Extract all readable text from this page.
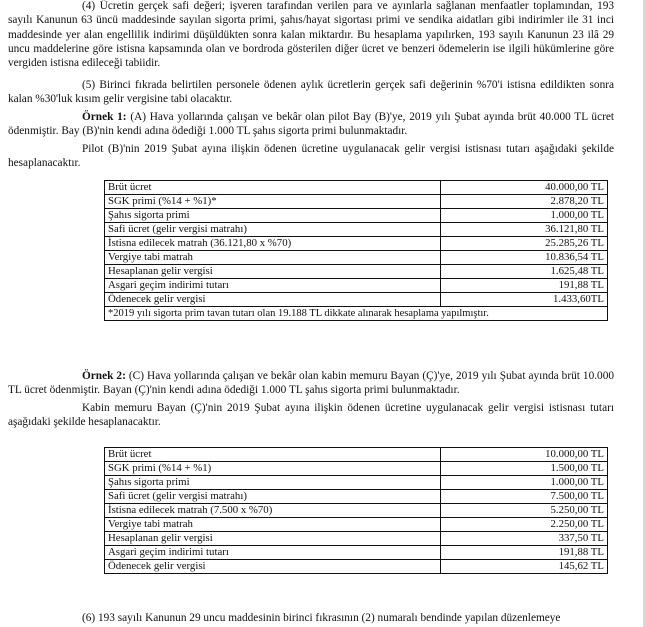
(4) Ücretin gerçek safi değeri; işveren tarafından verilen para ve ayınlarla sağlanan menfaatler toplamından, 193 sayılı Kanunun 63 üncü maddesinde sayılan sigorta primi, şahıs/hayat sigortası primi ve sendika aidatları gibi indirimler ile 31 inci maddesinde yer alan engellilik indirimi düşüldükten sonra kalan miktardır. Bu hesaplama yapılırken, 193 sayılı Kanunun 23 ilâ 29 uncu maddelerine göre istisna kapsamında olan ve bordroda gösterilen diğer ücret ve benzeri ödemelerin ise ilgili hükümlerine göre vergiden istisna edileceği tabiidir.

(5) Birinci fıkrada belirtilen personele ödenen aylık ücretlerin gerçek safi değerinin %70'i istisna edildikten sonra kalan %30'luk kısım gelir vergisine tabi olacaktır.

Örnek 1: (A) Hava yollarında çalışan ve bekâr olan pilot Bay (B)'ye, 2019 yılı Şubat ayında brüt 40.000 TL ücret ödenmiştir. Bay (B)'nin kendi adına ödediği 1.000 TL şahıs sigorta primi bulunmaktadır.

Pilot (B)'nin 2019 Şubat ayına ilişkin ödenen ücretine uygulanacak gelir vergisi istisnası tutarı aşağıdaki şekilde hesaplanacaktır.

Brüt ücret	40.000,00 TL
SGK primi (%14 + %1)*	2.878,20 TL
Şahıs sigorta primi	1.000,00 TL
Safi ücret (gelir vergisi matrahı)	36.121,80 TL
İstisna edilecek matrah (36.121,80 x %70)	25.285,26 TL
Vergiye tabi matrah	10.836,54 TL
Hesaplanan gelir vergisi	1.625,48 TL
Asgari geçim indirimi tutarı	191,88 TL
Ödenecek gelir vergisi	1.433,60TL
*2019 yılı sigorta prim tavan tutarı olan 19.188 TL dikkate alınarak hesaplama yapılmıştır.	

Örnek 2: (C) Hava yollarında çalışan ve bekâr olan kabin memuru Bayan (Ç)'ye, 2019 yılı Şubat ayında brüt 10.000 TL ücret ödenmiştir. Bayan (Ç)'nin kendi adına ödediği 1.000 TL şahıs sigorta primi bulunmaktadır.

Kabin memuru Bayan (Ç)'nin 2019 Şubat ayına ilişkin ödenen ücretine uygulanacak gelir vergisi istisnası tutarı aşağıdaki şekilde hesaplanacaktır.

Brüt ücret	10.000,00 TL
SGK primi (%14 + %1)	1.500,00 TL
Şahıs sigorta primi	1.000,00 TL
Safi ücret (gelir vergisi matrahı)	7.500,00 TL
İstisna edilecek matrah (7.500 x %70)	5.250,00 TL
Vergiye tabi matrah	2.250,00 TL
Hesaplanan gelir vergisi	337,50 TL
Asgari geçim indirimi tutarı	191,88 TL
Ödenecek gelir vergisi	145,62 TL
(6) 193 sayılı Kanunun 29 uncu maddesinin birinci fıkrasının (2) numaralı bendinde yapılan düzenlemeye
